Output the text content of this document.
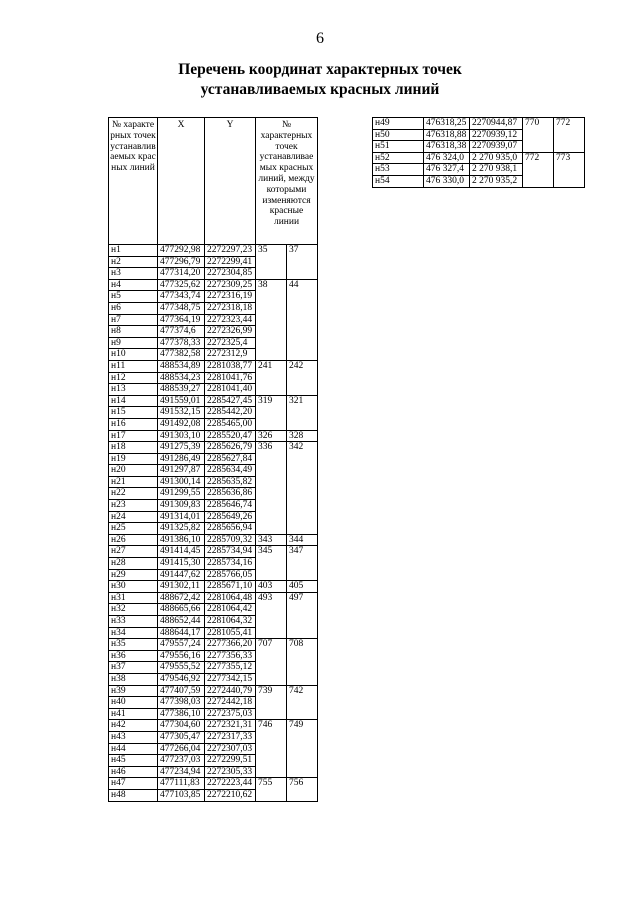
6
Перечень координат характерных точек
устанавливаемых красных линий
№ характерных точек устанавливаемых красных линий	X	Y	№ характерных точек устанавливаемых красных линий, между которыми изменяются красные линии	
н1	477292,98	2272297,23	35	37
н2	477296,79	2272299,41		
н3	477314,20	2272304,85		
н4	477325,62	2272309,25	38	44
н5	477343,74	2272316,19		
н6	477348,75	2272318,18		
н7	477364,19	2272323,44		
н8	477374,6	2272326,99		
н9	477378,33	2272325,4		
н10	477382,58	2272312,9		
н11	488534,89	2281038,77	241	242
н12	488534,23	2281041,76		
н13	488539,27	2281041,40		
н14	491559,01	2285427,45	319	321
н15	491532,15	2285442,20		
н16	491492,08	2285465,00		
н17	491303,10	2285520,47	326	328
н18	491275,39	2285626,79	336	342
н19	491286,49	2285627,84		
н20	491297,87	2285634,49		
н21	491300,14	2285635,82		
н22	491299,55	2285636,86		
н23	491309,83	2285646,74		
н24	491314,01	2285649,26		
н25	491325,82	2285656,94		
н26	491386,10	2285709,32	343	344
н27	491414,45	2285734,94	345	347
н28	491415,30	2285734,16		
н29	491447,62	2285766,05		
н30	491302,11	2285671,10	403	405
н31	488672,42	2281064,48	493	497
н32	488665,66	2281064,42		
н33	488652,44	2281064,32		
н34	488644,17	2281055,41		
н35	479557,24	2277366,20	707	708
н36	479556,16	2277356,33		
н37	479555,52	2277355,12		
н38	479546,92	2277342,15		
н39	477407,59	2272440,79	739	742
н40	477398,03	2272442,18		
н41	477386,10	2272375,03		
н42	477304,60	2272321,31	746	749
н43	477305,47	2272317,33		
н44	477266,04	2272307,03		
н45	477237,03	2272299,51		
н46	477234,94	2272305,33		
н47	477111,83	2272223,44	755	756
н48	477103,85	2272210,62		
н49	476318,25	2270944,87	770	772
н50	476318,88	2270939,12		
н51	476318,38	2270939,07		
н52	476 324,0	2 270 935,0	772	773
н53	476 327,4	2 270 938,1		
н54	476 330,0	2 270 935,2		
